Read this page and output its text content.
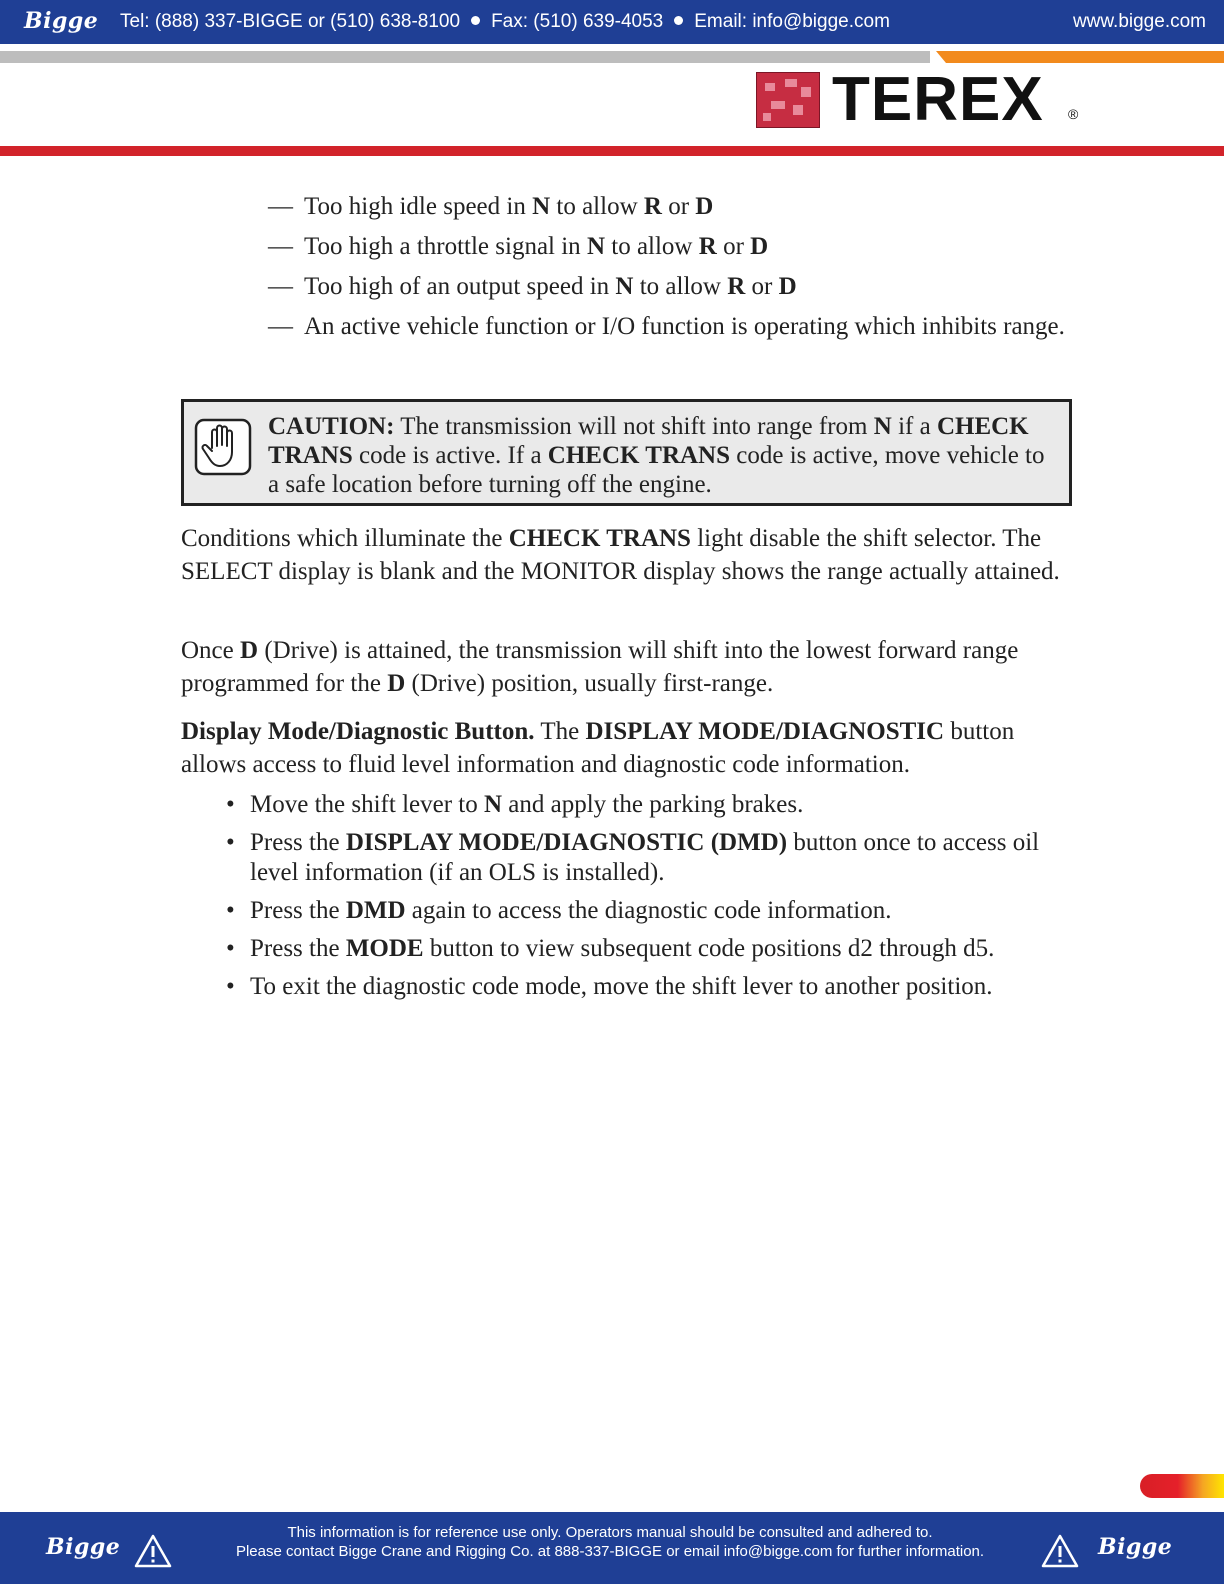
Bigge Tel: (888) 337-BIGGE or (510) 638-8100 Fax: (510) 639-4053 Email: info@bigge.com	www.bigge.com
TEREX ®
— Too high idle speed in N to allow R or D
— Too high a throttle signal in N to allow R or D
— Too high of an output speed in N to allow R or D
— An active vehicle function or I/O function is operating which inhibits range.
CAUTION: The transmission will not shift into range from N if a CHECK TRANS code is active. If a CHECK TRANS code is active, move vehicle to a safe location before turning off the engine.
Conditions which illuminate the CHECK TRANS light disable the shift selector. The SELECT display is blank and the MONITOR display shows the range actually attained.
Once D (Drive) is attained, the transmission will shift into the lowest forward range programmed for the D (Drive) position, usually first-range.
Display Mode/Diagnostic Button. The DISPLAY MODE/DIAGNOSTIC button allows access to fluid level information and diagnostic code information.
• Move the shift lever to N and apply the parking brakes.
• Press the DISPLAY MODE/DIAGNOSTIC (DMD) button once to access oil level information (if an OLS is installed).
• Press the DMD again to access the diagnostic code information.
• Press the MODE button to view subsequent code positions d2 through d5.
• To exit the diagnostic code mode, move the shift lever to another position.
Bigge
This information is for reference use only. Operators manual should be consulted and adhered to.
Please contact Bigge Crane and Rigging Co. at 888-337-BIGGE or email info@bigge.com for further information.	Bigge
